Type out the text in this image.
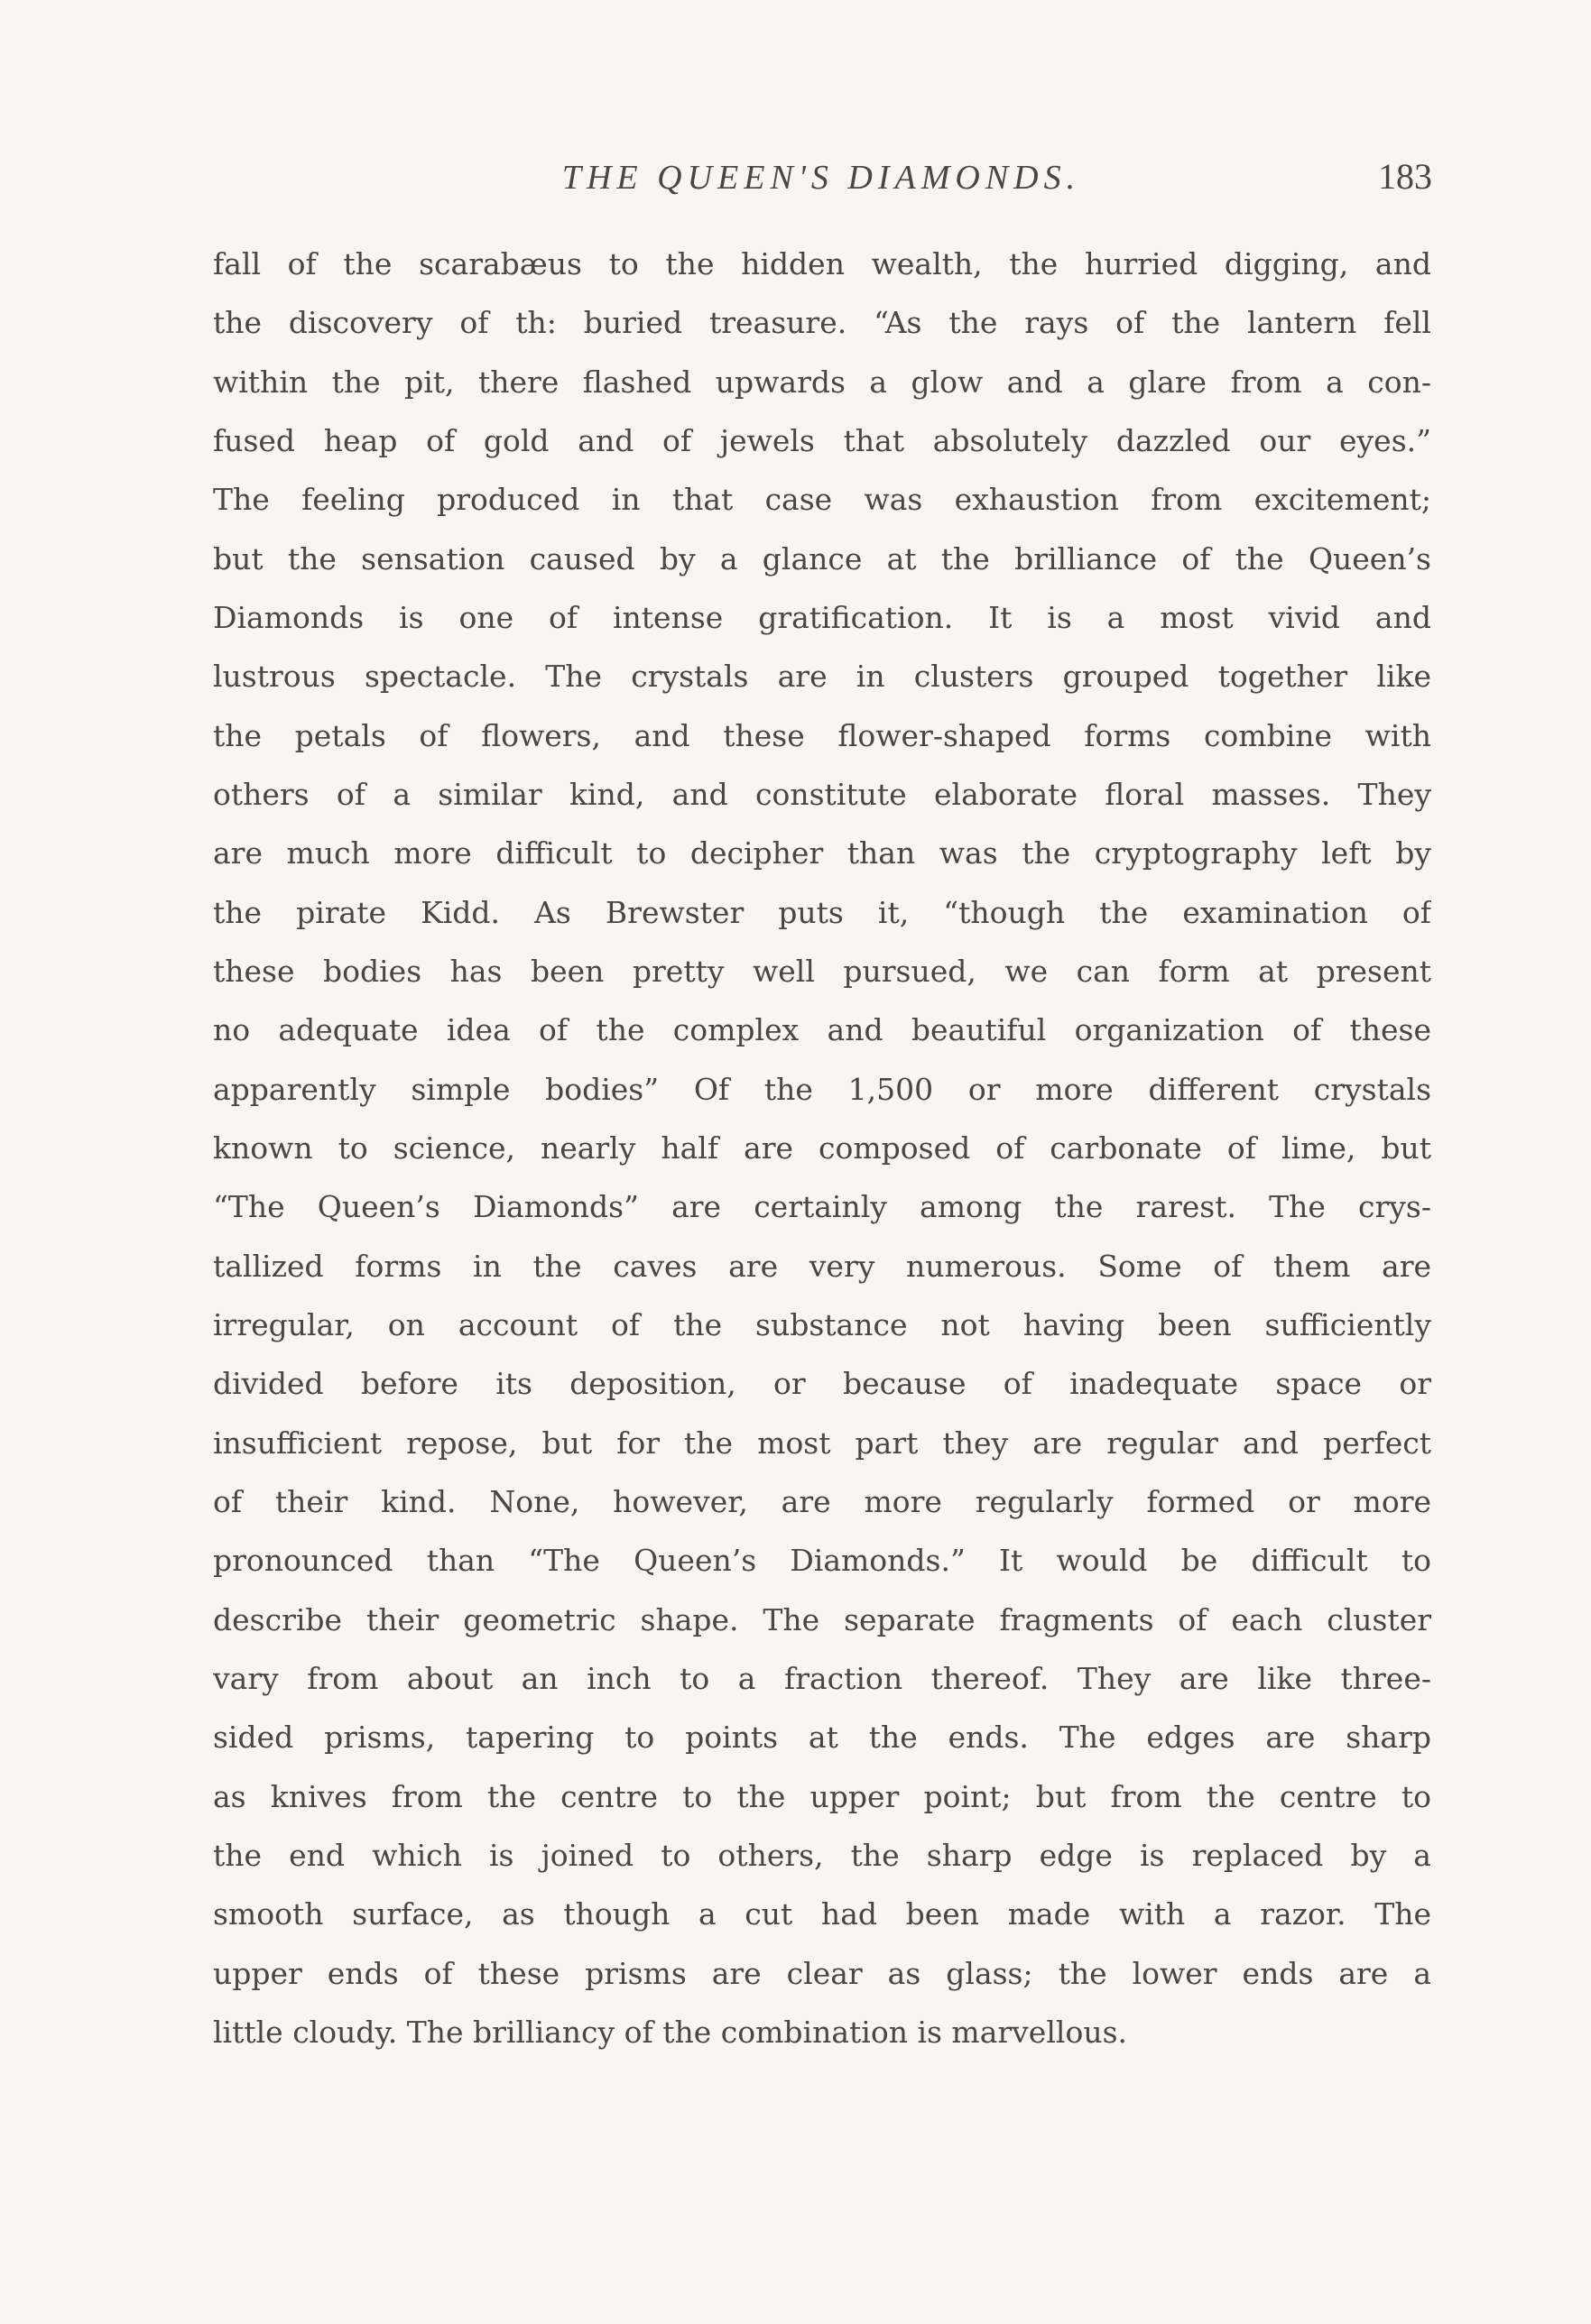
THE QUEEN'S DIAMONDS.	183
fall of the scarabæus to the hidden wealth, the hurried digging, and
the discovery of th: buried treasure. “As the rays of the lantern fell
within the pit, there flashed upwards a glow and a glare from a con-
fused heap of gold and of jewels that absolutely dazzled our eyes.”
The feeling produced in that case was exhaustion from excitement;
but the sensation caused by a glance at the brilliance of the Queen’s
Diamonds is one of intense gratification. It is a most vivid and
lustrous spectacle. The crystals are in clusters grouped together like
the petals of flowers, and these flower-shaped forms combine with
others of a similar kind, and constitute elaborate floral masses. They
are much more difficult to decipher than was the cryptography left by
the pirate Kidd. As Brewster puts it, “though the examination of
these bodies has been pretty well pursued, we can form at present
no adequate idea of the complex and beautiful organization of these
apparently simple bodies” Of the 1,500 or more different crystals
known to science, nearly half are composed of carbonate of lime, but
“The Queen’s Diamonds” are certainly among the rarest. The crys-
tallized forms in the caves are very numerous. Some of them are
irregular, on account of the substance not having been sufficiently
divided before its deposition, or because of inadequate space or
insufficient repose, but for the most part they are regular and perfect
of their kind. None, however, are more regularly formed or more
pronounced than “The Queen’s Diamonds.” It would be difficult to
describe their geometric shape. The separate fragments of each cluster
vary from about an inch to a fraction thereof. They are like three-
sided prisms, tapering to points at the ends. The edges are sharp
as knives from the centre to the upper point; but from the centre to
the end which is joined to others, the sharp edge is replaced by a
smooth surface, as though a cut had been made with a razor. The
upper ends of these prisms are clear as glass; the lower ends are a
little cloudy. The brilliancy of the combination is marvellous.
